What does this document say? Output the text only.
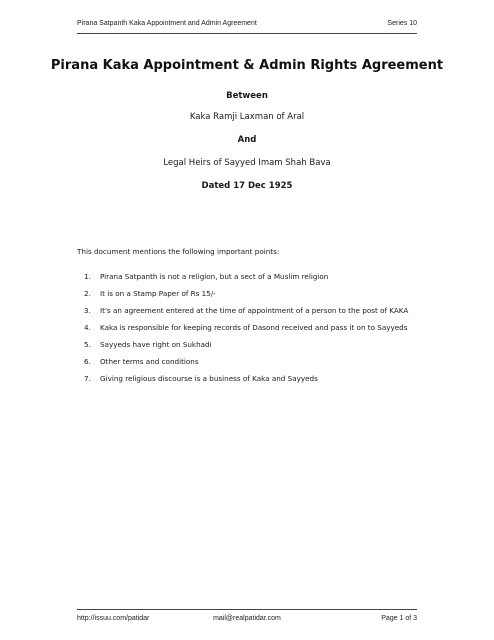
Pirana Satpanth Kaka Appointment and Admin Agreement	Series 10
Pirana Kaka Appointment & Admin Rights Agreement
Between
Kaka Ramji Laxman of Aral
And
Legal Heirs of Sayyed Imam Shah Bava
Dated 17 Dec 1925
This document mentions the following important points:
1. Pirana Satpanth is not a religion, but a sect of a Muslim religion
2. It is on a Stamp Paper of Rs 15/-
3. It's an agreement entered at the time of appointment of a person to the post of KAKA
4. Kaka is responsible for keeping records of Dasond received and pass it on to Sayyeds
5. Sayyeds have right on Sukhadi
6. Other terms and conditions
7. Giving religious discourse is a business of Kaka and Sayyeds
http://issuu.com/patidar	mail@realpatidar.com	Page 1 of 3
